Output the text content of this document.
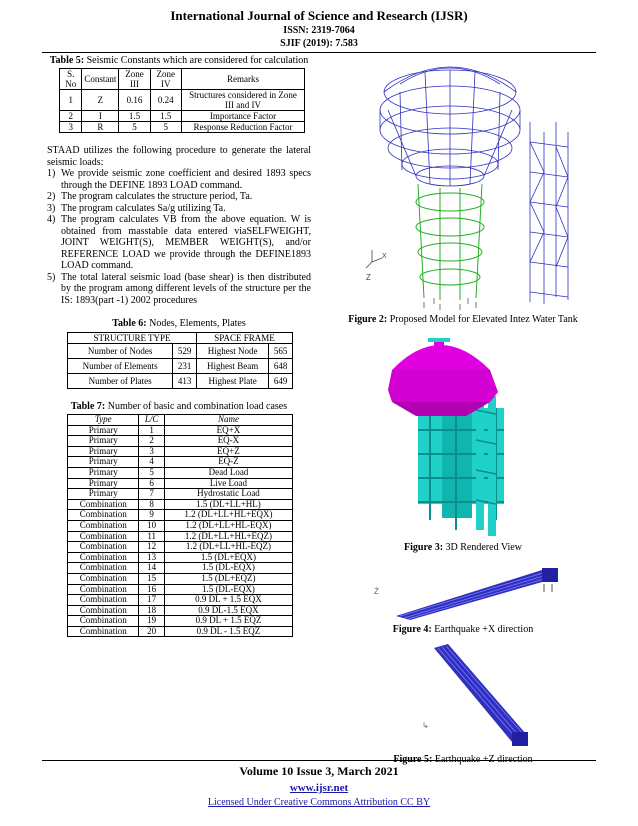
International Journal of Science and Research (IJSR)
ISSN: 2319-7064
SJIF (2019): 7.583
Table 5: Seismic Constants which are considered for calculation
S. No	Constant	Zone III	Zone IV	Remarks
1	Z	0.16	0.24	Structures considered in Zone III and IV
2	I	1.5	1.5	Importance Factor
3	R	5	5	Response Reduction Factor

STAAD utilizes the following procedure to generate the lateral seismic loads:

1) We provide seismic zone coefficient and desired 1893 specs through the DEFINE 1893 LOAD command.
2) The program calculates the structure period, Ta.
3) The program calculates Sa/g utilizing Ta.
4) The program calculates VB from the above equation. W is obtained from masstable data entered viaSELFWEIGHT, JOINT WEIGHT(S), MEMBER WEIGHT(S), and/or REFERENCE LOAD we provide through the DEFINE1893 LOAD command.
5) The total lateral seismic load (base shear) is then distributed by the program among different levels of the structure per the IS: 1893(part -1) 2002 procedures
Table 6: Nodes, Elements, Plates
STRUCTURE TYPE		SPACE FRAME	
Number of Nodes	529	Highest Node	565
Number of Elements	231	Highest Beam	648
Number of Plates	413	Highest Plate	649
Table 7: Number of basic and combination load cases
Type	L/C	Name
Primary	1	EQ+X
Primary	2	EQ-X
Primary	3	EQ+Z
Primary	4	EQ-Z
Primary	5	Dead Load
Primary	6	Live Load
Primary	7	Hydrostatic Load
Combination	8	1.5 (DL+LL+HL)
Combination	9	1.2 (DL+LL+HL+EQX)
Combination	10	1.2 (DL+LL+HL-EQX)
Combination	11	1.2 (DL+LL+HL+EQZ)
Combination	12	1.2 (DL+LL+HL-EQZ)
Combination	13	1.5 (DL+EQX)
Combination	14	1.5 (DL-EQX)
Combination	15	1.5 (DL+EQZ)
Combination	16	1.5 (DL-EQX)
Combination	17	0.9 DL + 1.5 EQX
Combination	18	0.9 DL-1.5 EQX
Combination	19	0.9 DL + 1.5 EQZ
Combination	20	0.9 DL - 1.5 EQZ
Z
X
Figure 2: Proposed Model for Elevated Intez Water Tank
Figure 3: 3D Rendered View
Ż
Figure 4: Earthquake +X direction
↳
Figure 5: Earthquake +Z direction
Volume 10 Issue 3, March 2021
www.ijsr.net
Licensed Under Creative Commons Attribution CC BY
